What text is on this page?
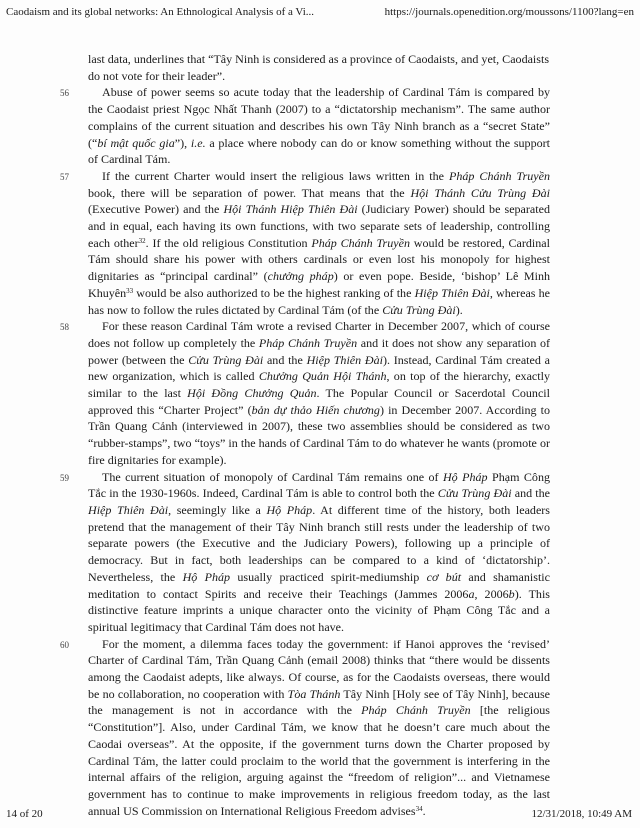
Caodaism and its global networks: An Ethnological Analysis of a Vi...	https://journals.openedition.org/moussons/1100?lang=en

last data, underlines that “Tây Ninh is considered as a province of Caodaists, and yet, Caodaists do not vote for their leader”.

56	Abuse of power seems so acute today that the leadership of Cardinal Tám is compared by the Caodaist priest Ngọc Nhất Thanh (2007) to a “dictatorship mechanism”. The same author complains of the current situation and describes his own Tây Ninh branch as a “secret State” (“bí mật quốc gia”), i.e. a place where nobody can do or know something without the support of Cardinal Tám.

57	If the current Charter would insert the religious laws written in the Pháp Chánh Truyền book, there will be separation of power. That means that the Hội Thánh Cửu Trùng Đài (Executive Power) and the Hội Thánh Hiệp Thiên Đài (Judiciary Power) should be separated and in equal, each having its own functions, with two separate sets of leadership, controlling each other$^{32}$. If the old religious Constitution Pháp Chánh Truyền would be restored, Cardinal Tám should share his power with others cardinals or even lost his monopoly for highest dignitaries as “principal cardinal” (chưởng pháp) or even pope. Beside, ‘bishop’ Lê Minh Khuyên$^{33}$ would be also authorized to be the highest ranking of the Hiệp Thiên Đài, whereas he has now to follow the rules dictated by Cardinal Tám (of the Cửu Trùng Đài).

58	For these reason Cardinal Tám wrote a revised Charter in December 2007, which of course does not follow up completely the Pháp Chánh Truyền and it does not show any separation of power (between the Cửu Trùng Đài and the Hiệp Thiên Đài). Instead, Cardinal Tám created a new organization, which is called Chưởng Quản Hội Thánh, on top of the hierarchy, exactly similar to the last Hội Đồng Chưởng Quản. The Popular Council or Sacerdotal Council approved this “Charter Project” (bản dự thảo Hiến chương) in December 2007. According to Trần Quang Cảnh (interviewed in 2007), these two assemblies should be considered as two “rubber-stamps”, two “toys” in the hands of Cardinal Tám to do whatever he wants (promote or fire dignitaries for example).

59	The current situation of monopoly of Cardinal Tám remains one of Hộ Pháp Phạm Công Tắc in the 1930-1960s. Indeed, Cardinal Tám is able to control both the Cửu Trùng Đài and the Hiệp Thiên Đài, seemingly like a Hộ Pháp. At different time of the history, both leaders pretend that the management of their Tây Ninh branch still rests under the leadership of two separate powers (the Executive and the Judiciary Powers), following up a principle of democracy. But in fact, both leaderships can be compared to a kind of ‘dictatorship’. Nevertheless, the Hộ Pháp usually practiced spirit-mediumship cơ bút and shamanistic meditation to contact Spirits and receive their Teachings (Jammes 2006a, 2006b). This distinctive feature imprints a unique character onto the vicinity of Phạm Công Tắc and a spiritual legitimacy that Cardinal Tám does not have.

60	For the moment, a dilemma faces today the government: if Hanoi approves the ‘revised’ Charter of Cardinal Tám, Trần Quang Cảnh (email 2008) thinks that “there would be dissents among the Caodaist adepts, like always. Of course, as for the Caodaists overseas, there would be no collaboration, no cooperation with Tòa Thánh Tây Ninh [Holy see of Tây Ninh], because the management is not in accordance with the Pháp Chánh Truyền [the religious “Constitution”]. Also, under Cardinal Tám, we know that he doesn’t care much about the Caodai overseas”. At the opposite, if the government turns down the Charter proposed by Cardinal Tám, the latter could proclaim to the world that the government is interfering in the internal affairs of the religion, arguing against the “freedom of religion”... and Vietnamese government has to continue to make improvements in religious freedom today, as the last annual US Commission on International Religious Freedom advises$^{34}$.

14 of 20	12/31/2018, 10:49 AM
